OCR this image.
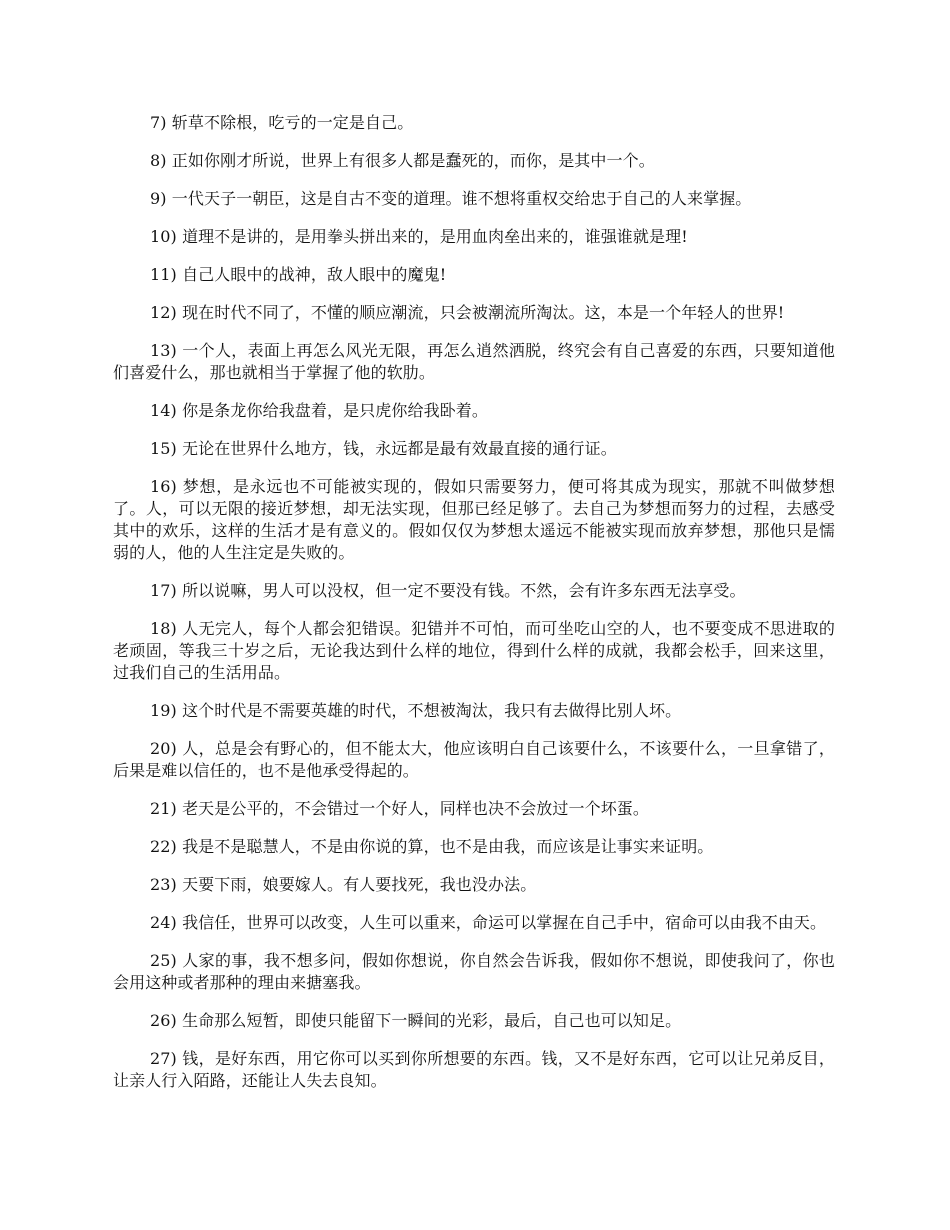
7) 斩草不除根，吃亏的一定是自己。

8) 正如你刚才所说，世界上有很多人都是蠢死的，而你，是其中一个。

9) 一代天子一朝臣，这是自古不变的道理。谁不想将重权交给忠于自己的人来掌握。

10) 道理不是讲的，是用拳头拼出来的，是用血肉垒出来的，谁强谁就是理!

11) 自己人眼中的战神，敌人眼中的魔鬼!

12) 现在时代不同了，不懂的顺应潮流，只会被潮流所淘汰。这，本是一个年轻人的世界!

13) 一个人，表面上再怎么风光无限，再怎么逍然洒脱，终究会有自己喜爱的东西，只要知道他们喜爱什么，那也就相当于掌握了他的软肋。

14) 你是条龙你给我盘着，是只虎你给我卧着。

15) 无论在世界什么地方，钱，永远都是最有效最直接的通行证。

16) 梦想，是永远也不可能被实现的，假如只需要努力，便可将其成为现实，那就不叫做梦想了。人，可以无限的接近梦想，却无法实现，但那已经足够了。去自己为梦想而努力的过程，去感受其中的欢乐，这样的生活才是有意义的。假如仅仅为梦想太遥远不能被实现而放弃梦想，那他只是懦弱的人，他的人生注定是失败的。

17) 所以说嘛，男人可以没权，但一定不要没有钱。不然，会有许多东西无法享受。

18) 人无完人，每个人都会犯错误。犯错并不可怕，而可坐吃山空的人，也不要变成不思进取的老顽固，等我三十岁之后，无论我达到什么样的地位，得到什么样的成就，我都会松手，回来这里，过我们自己的生活用品。

19) 这个时代是不需要英雄的时代，不想被淘汰，我只有去做得比别人坏。

20) 人，总是会有野心的，但不能太大，他应该明白自己该要什么，不该要什么，一旦拿错了，后果是难以信任的，也不是他承受得起的。

21) 老天是公平的，不会错过一个好人，同样也决不会放过一个坏蛋。

22) 我是不是聪慧人，不是由你说的算，也不是由我，而应该是让事实来证明。

23) 天要下雨，娘要嫁人。有人要找死，我也没办法。

24) 我信任，世界可以改变，人生可以重来，命运可以掌握在自己手中，宿命可以由我不由天。

25) 人家的事，我不想多问，假如你想说，你自然会告诉我，假如你不想说，即使我问了，你也会用这种或者那种的理由来搪塞我。

26) 生命那么短暂，即使只能留下一瞬间的光彩，最后，自己也可以知足。

27) 钱，是好东西，用它你可以买到你所想要的东西。钱，又不是好东西，它可以让兄弟反目，让亲人行入陌路，还能让人失去良知。
